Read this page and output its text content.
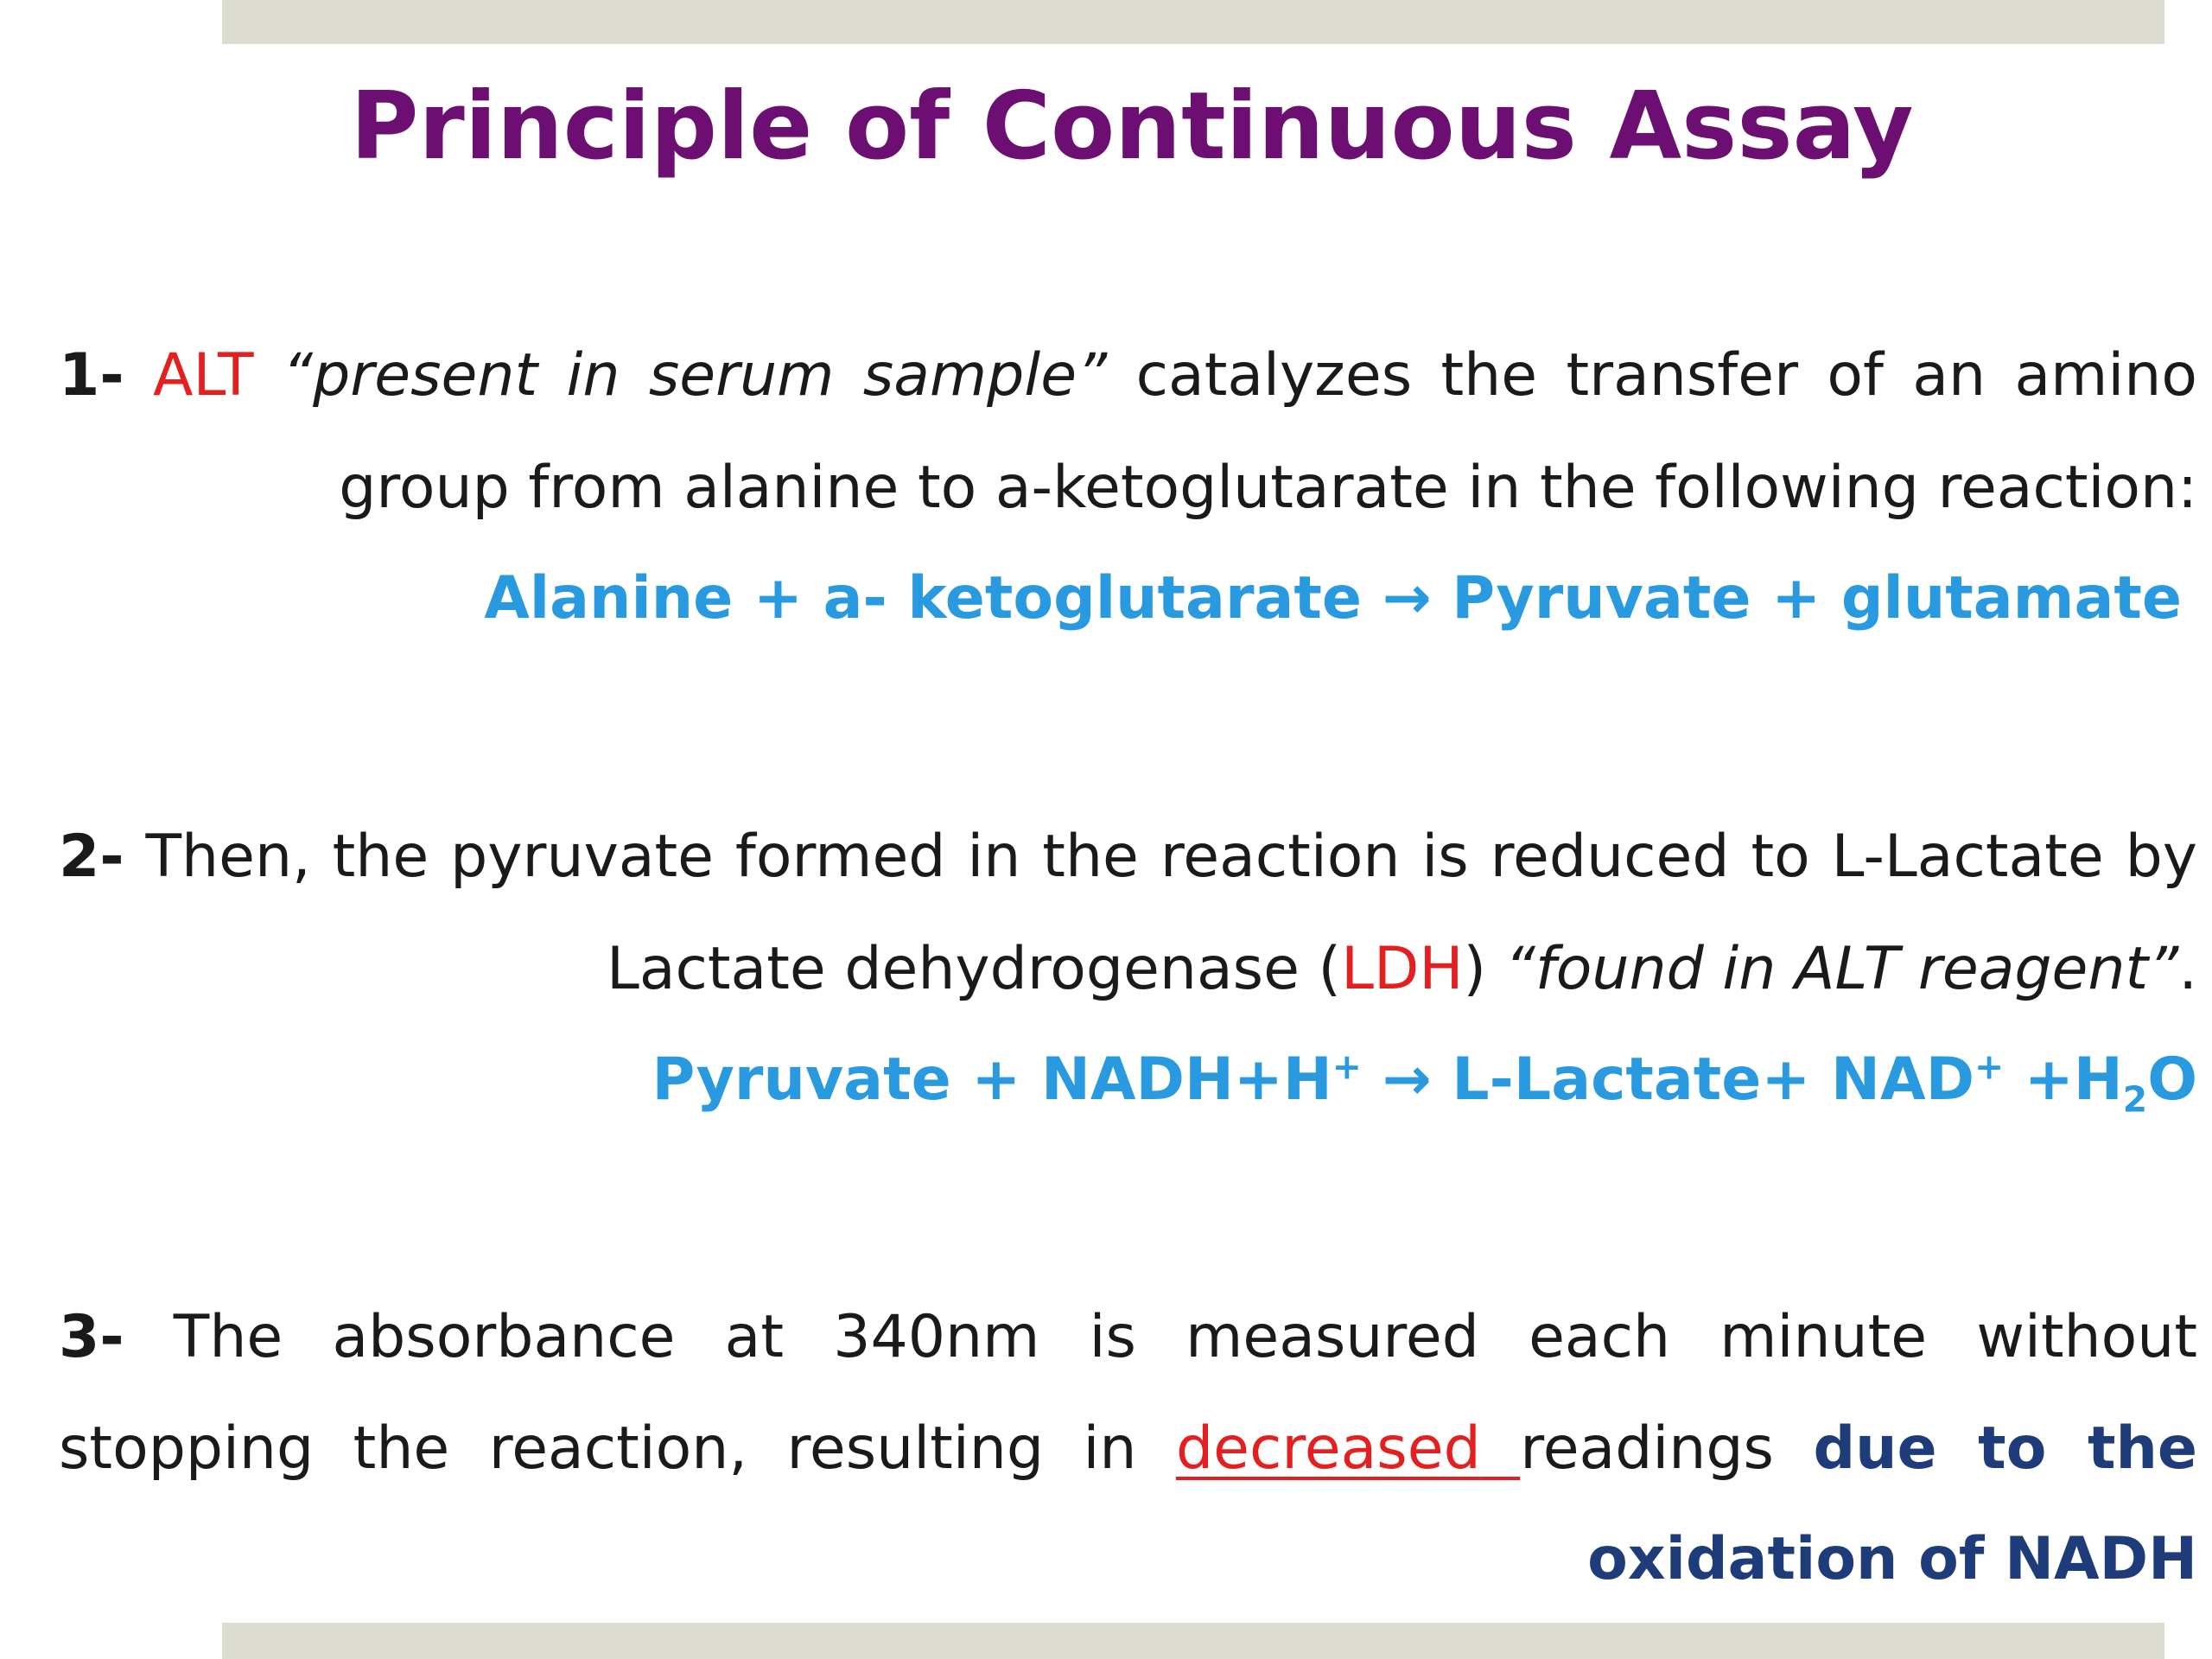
Principle of Continuous Assay
1- ALT “present in serum sample” catalyzes the transfer of an amino
group from alanine to a-ketoglutarate in the following reaction:
Alanine + a- ketoglutarate → Pyruvate + glutamate
2- Then, the pyruvate formed in the reaction is reduced to L-Lactate by
Lactate dehydrogenase (LDH) “found in ALT reagent”.
Pyruvate + NADH+H+ → L-Lactate+ $NAD^+ +H_2O$
3- The absorbance at 340nm is measured each minute without
stopping the reaction, resulting in decreased readings due to the
oxidation of NADH
